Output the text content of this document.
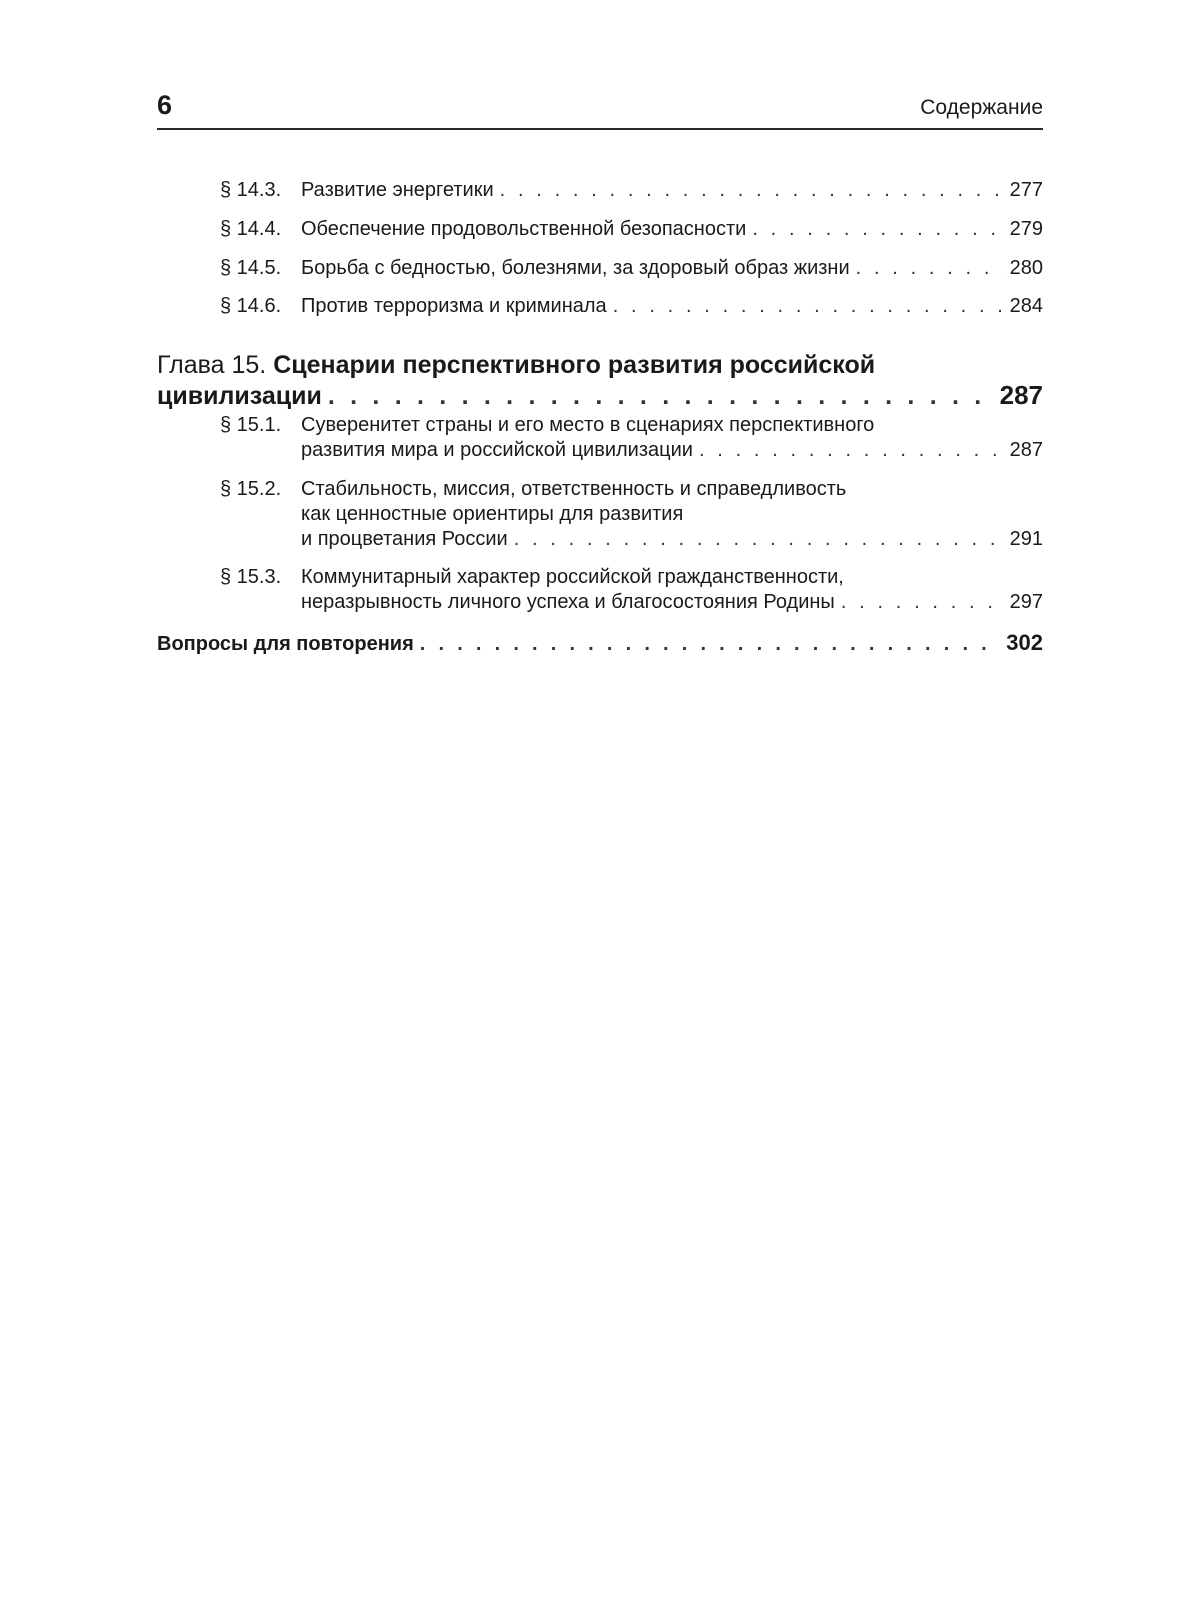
6	Содержание
§ 14.3. Развитие энергетики . . .	277
§ 14.4. Обеспечение продовольственной безопасности . . .	279
§ 14.5. Борьба с бедностью, болезнями, за здоровый образ жизни . . .	280
§ 14.6. Против терроризма и криминала . . .	284
Глава 15. Сценарии перспективного развития российской
цивилизации . . .	287
§ 15.1. Суверенитет страны и его место в сценариях перспективного
развития мира и российской цивилизации . . .	287
§ 15.2. Стабильность, миссия, ответственность и справедливость
как ценностные ориентиры для развития
и процветания России . . .	291
§ 15.3. Коммунитарный характер российской гражданственности,
неразрывность личного успеха и благосостояния Родины . . .	297
Вопросы для повторения . . .	302
